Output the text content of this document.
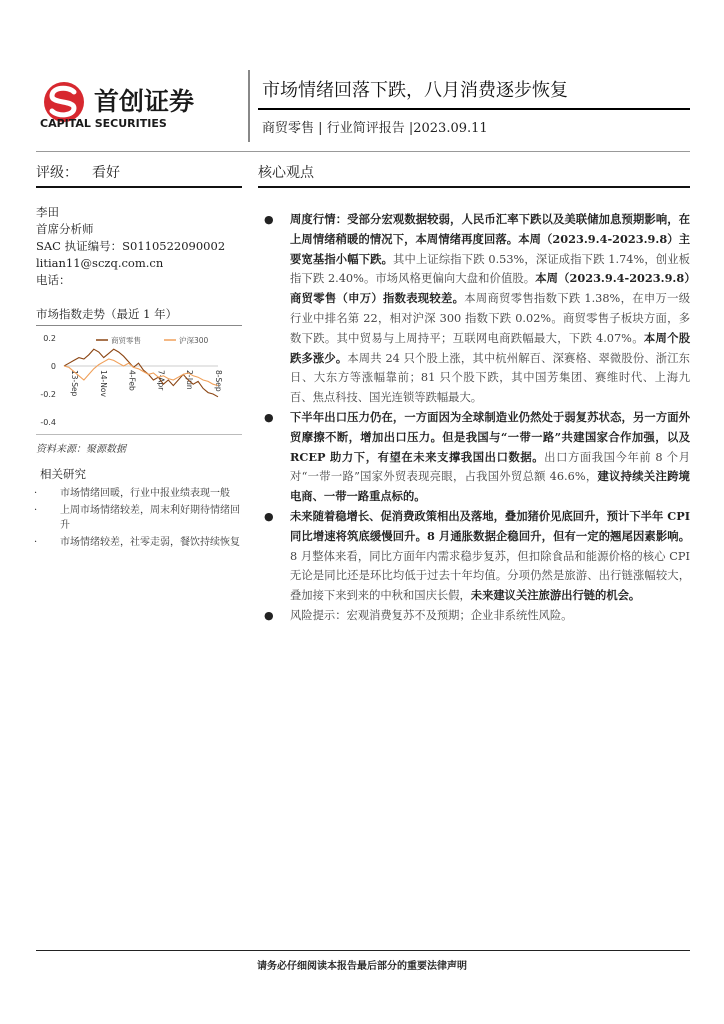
首创证券
CAPITAL SECURITIES
市场情绪回落下跌，八月消费逐步恢复
商贸零售 | 行业简评报告 |2023.09.11
评级： 看好	核心观点
李田
首席分析师
SAC 执证编号：S0110522090002
litian11@sczq.com.cn
电话：
市场指数走势（最近 1 年）
0.2
0
-0.2
-0.4
13-Sep	14-Nov	4-Feb	7-Apr	2-Jun	8-Sep
商贸零售	沪深300
资料来源：聚源数据
相关研究
· 市场情绪回暖，行业中报业绩表现一般
· 上周市场情绪较差，周末利好期待情绪回升
· 市场情绪较差，社零走弱，餐饮持续恢复
● 周度行情：受部分宏观数据较弱，人民币汇率下跌以及美联储加息预期影响，在上周情绪稍暖的情况下，本周情绪再度回落。本周（2023.9.4-2023.9.8）主要宽基指小幅下跌。其中上证综指下跌 0.53%，深证成指下跌 1.74%，创业板指下跌 2.40%。市场风格更偏向大盘和价值股。本周（2023.9.4-2023.9.8）商贸零售（申万）指数表现较差。本周商贸零售指数下跌 1.38%，在申万一级行业中排名第 22，相对沪深 300 指数下跌 0.02%。商贸零售子板块方面，多数下跌。其中贸易与上周持平；互联网电商跌幅最大，下跌 4.07%。本周个股跌多涨少。本周共 24 只个股上涨，其中杭州解百、深赛格、翠微股份、浙江东日、大东方等涨幅靠前；81 只个股下跌，其中国芳集团、赛维时代、上海九百、焦点科技、国光连锁等跌幅最大。
● 下半年出口压力仍在，一方面因为全球制造业仍然处于弱复苏状态，另一方面外贸摩擦不断，增加出口压力。但是我国与“一带一路”共建国家合作加强，以及 RCEP 助力下，有望在未来支撑我国出口数据。出口方面我国今年前 8 个月对“一带一路”国家外贸表现亮眼，占我国外贸总额 46.6%，建议持续关注跨境电商、一带一路重点标的。
● 未来随着稳增长、促消费政策相出及落地，叠加猪价见底回升，预计下半年 CPI 同比增速将筑底缓慢回升。8 月通胀数据企稳回升，但有一定的翘尾因素影响。8 月整体来看，同比方面年内需求稳步复苏，但扣除食品和能源价格的核心 CPI 无论是同比还是环比均低于过去十年均值。分项仍然是旅游、出行链涨幅较大，叠加接下来到来的中秋和国庆长假，未来建议关注旅游出行链的机会。
● 风险提示：宏观消费复苏不及预期；企业非系统性风险。
请务必仔细阅读本报告最后部分的重要法律声明
